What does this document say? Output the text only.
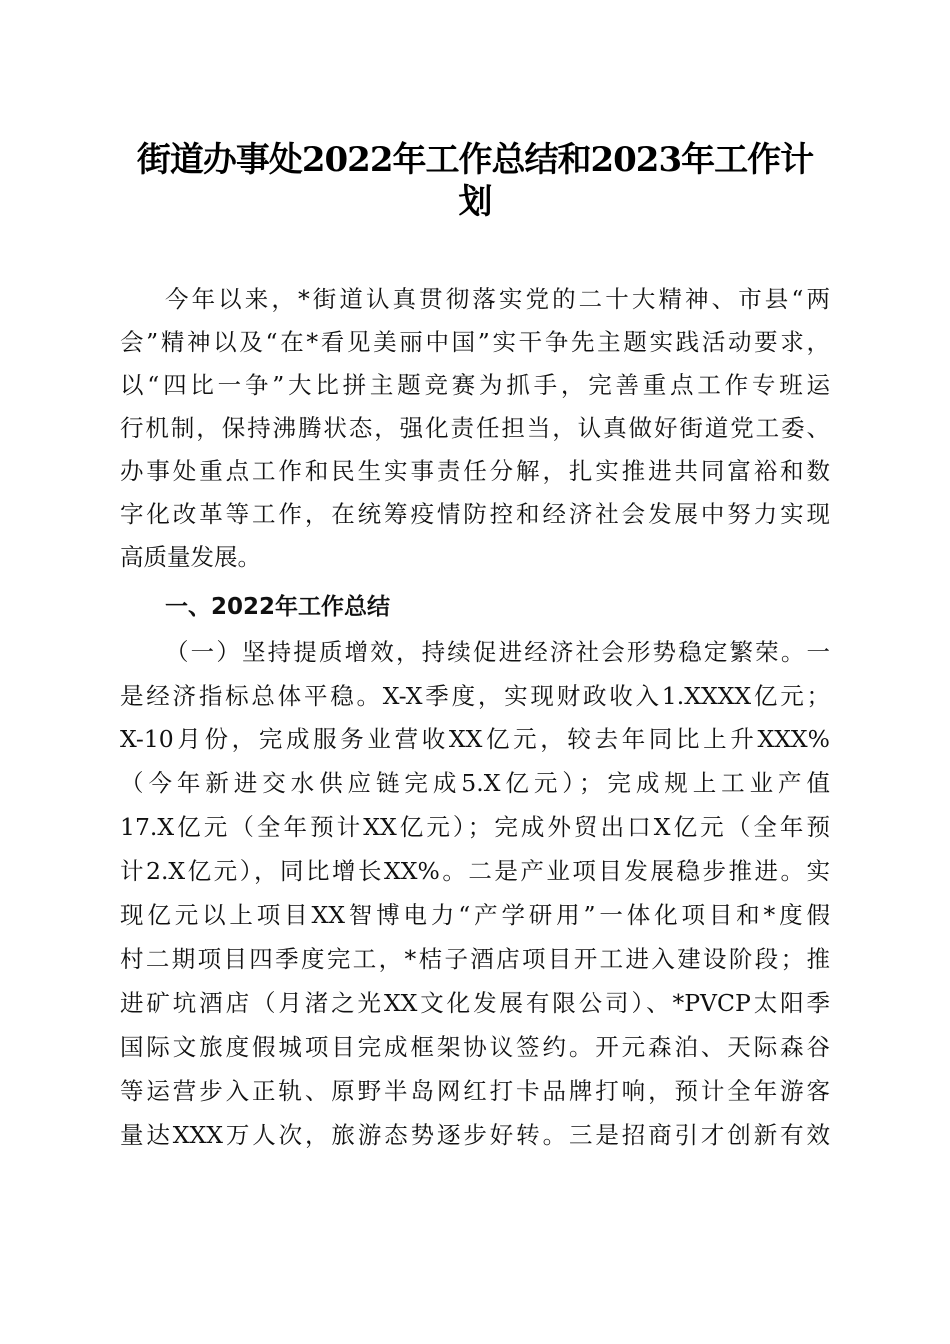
街道办事处2022年工作总结和2023年工作计
划
今年以来，*街道认真贯彻落实党的二十大精神、市县“两
会”精神以及“在*看见美丽中国”实干争先主题实践活动要求，
以“四比一争”大比拼主题竞赛为抓手，完善重点工作专班运
行机制，保持沸腾状态，强化责任担当，认真做好街道党工委、
办事处重点工作和民生实事责任分解，扎实推进共同富裕和数
字化改革等工作，在统筹疫情防控和经济社会发展中努力实现
高质量发展。
一、2022年工作总结
（一）坚持提质增效，持续促进经济社会形势稳定繁荣。一
是经济指标总体平稳。X-X季度，实现财政收入1.XXXX亿元；
X-10月份，完成服务业营收XX亿元，较去年同比上升XXX%
（今年新进交水供应链完成5.X亿元）；完成规上工业产值
17.X亿元（全年预计XX亿元）；完成外贸出口X亿元（全年预
计2.X亿元），同比增长XX%。二是产业项目发展稳步推进。实
现亿元以上项目XX智博电力“产学研用”一体化项目和*度假
村二期项目四季度完工，*桔子酒店项目开工进入建设阶段；推
进矿坑酒店（月渚之光XX文化发展有限公司）、*PVCP太阳季
国际文旅度假城项目完成框架协议签约。开元森泊、天际森谷
等运营步入正轨、原野半岛网红打卡品牌打响，预计全年游客
量达XXX万人次，旅游态势逐步好转。三是招商引才创新有效
